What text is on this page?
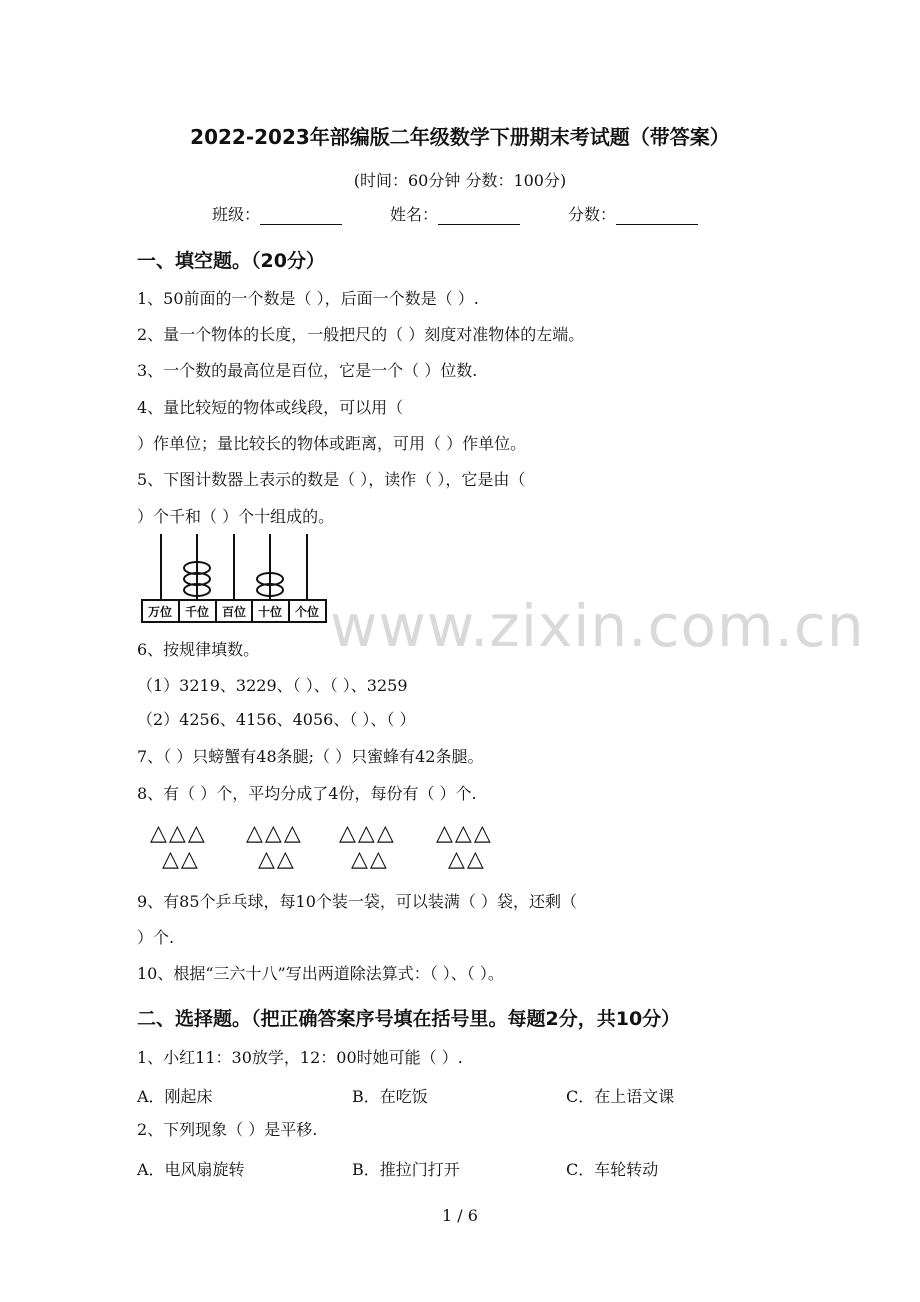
2022-2023年部编版二年级数学下册期末考试题（带答案）
(时间：60分钟 分数：100分)
班级：	姓名：	分数：
一、填空题。（20分）
1、50前面的一个数是（ ），后面一个数是（ ）.
2、量一个物体的长度，一般把尺的（ ）刻度对准物体的左端。
3、一个数的最高位是百位，它是一个（ ）位数.
4、量比较短的物体或线段，可以用（
）作单位；量比较长的物体或距离，可用（ ）作单位。
5、下图计数器上表示的数是（ ），读作（ ），它是由（
）个千和（ ）个十组成的。
万位 千位 百位 十位 个位 www.zixin.com.cn
6、按规律填数。
（1）3219、3229、（ ）、（ ）、3259
（2）4256、4156、4056、（ ）、（ ）
7、（ ）只螃蟹有48条腿;（ ）只蜜蜂有42条腿。
8、有（ ）个，平均分成了4份，每份有（ ）个.
△△△
△△
△△△
△△
△△△
△△
△△△
△△
9、有85个乒乓球，每10个装一袋，可以装满（ ）袋，还剩（
）个.
10、根据“三六十八”写出两道除法算式：（ ）、（ ）。
二、选择题。（把正确答案序号填在括号里。每题2分，共10分）
1、小红11：30放学，12：00时她可能（ ）.
A．刚起床	B．在吃饭	C．在上语文课
2、下列现象（ ）是平移.
A．电风扇旋转	B．推拉门打开	C．车轮转动
1 / 6
